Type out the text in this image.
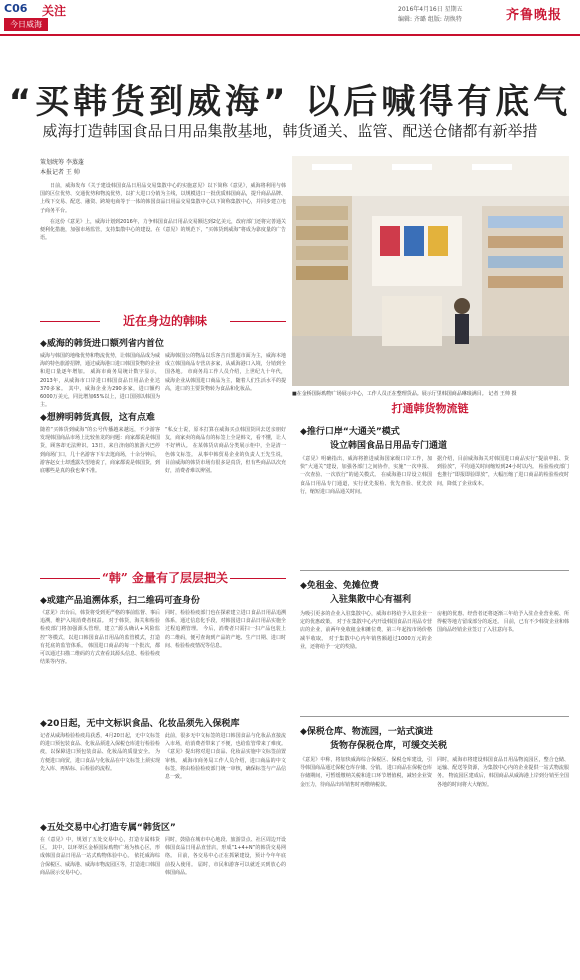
C06 关注
今日威海
2016年4月16日 星期五
编辑: 齐璐 组版: 胡焕特	齐鲁晚报
“买韩货到威海” 以后喊得有底气
威海打造韩国食品日用品集散基地，韩货通关、监管、配送仓储都有新举措
策划统筹 李蒸蓬
本报记者 王 帅

日前，威海发布《关于建设韩国食品日用品交易集散中心的实施意见》以下简称《意见》，威海将利用与韩国的区位优势、交通优势和物流优势，以扩大进口分销为主线，以规模进口一批优质韩国商品，提升商品品牌、上线下交易、配送、融资、跨境电商等于一体的韩国食品日用品交易集散中心以下简称集散中心，并同步建立电子商务平台。

在这份《意见》上，威海计划到2016年，力争韩国食品日用品交易额达到2亿美元，改府部门还将完善通关便利化措施，加强市场监管，支持集散中心的建设。在《意见》的规范下，“买韩货到威海”将成为靠度量的广告语。

■在金桥国际购物广场展示中心，工作人员正在整理货品。展示厅里韩国商品琳琅满目。 记者 王帅 摄
近在身边的韩味
◆威海的韩货进口额列省内首位
威海与韩国的地缘优势和物流优势，让韩国商品成为威海的特色旅游招牌，通过威海港口进口韩国货物的企业和进口量逐年增加。 威海市商务局统计数字显示，2013年，从威海市口岸进口韩国食品日用品企业达370多家。 其中，威海企业为290多家，进口额约6000万美元，同比增加65%以上，进口国别以韩国为主。
威海韩国公的物品以乐客吉百黑超市面为主，威海本地成立韩国商品专营店多家，从威海港口入境，分销到全国各地。 市商务局工作人员介绍，上世纪九十年代，威海企业从韩国进口商品为主，随着人们生活水平的提高，进口的主要货物转为食品和化妆品。
◆想辨明韩货真假，这有点难
随着“买韩货到威海”的公号传播越来越远，不少游客发现韩国商品市场上比较鱼龙的问题：商家都说是韩国货，顾客却无法辨识。13日，来自济南的旅游大巴停到商场门口，几十名游客下车去逛商场，十余分钟后，游客赵女士却透露失望地说了，商家都说是韩国货，到底哪些是真的我也拿不准。
“私女士说，原本打算在威海买点韩国货回去送亲朋好友，商家卖的商品有的标签上全是韩文，看不懂，让人不好辨认。 在某韩货店商品分类展示柜中，全是清一色韩文标签。 从事中韩贸易企业的负责人王先生说，目前威海的韩货市场有很多是真货，但有些商品以次充好，消费者难以辨别。
“韩” 金量有了层层把关
◆或建产品追溯体系，扫二维码可查身份
《意见》出台后，韩货将受到更严格的事前监督、事后追溯，维护入境消费者权益。 对于韩货，海关和检验检疫部门将加强源头管理，建立“源头确认+风险监控”等模式，以进口韩国食品日用品的监管模式，打造有托底的监管体系。 韩国进口商品的每一个批次，都可以通过扫描二维码的方式查看其源头信息、检验检疫结果等内容。
同时，检验检疫部门也在探索建立进口食品日用品追溯体系，通过信息化手段，对韩国进口食品日用品实施全过程追溯管理。 今后，消费者只需扫一扫产品包装上的二维码，便可查询到产品的产地、生产日期、进口时间、检验检疫情况等信息。
◆20日起，无中文标识食品、化妆品须先入保税库
记者从威海检验检疫局获悉，4月20日起，无中文标签的进口预包装食品、化妆品须进入保税仓库进行检验检疫，以保障进口预包装食品、化妆品的质量安全。 为方便进口商贸，进口食品与化妆品在中文标签上须实现先入库、再贴标、后检验的流程。
此前，很多无中文标签的进口韩国食品与化妆品直接流入市场，给消费者带来了不便，也给监管带来了难度。 《意见》提出将对进口食品、化妆品实施中文标签前置审核。 威海市商务局工作人员介绍，进口商品的中文标签，将由检验检疫部门统一审核，确保标签与产品信息一致。
◆五处交易中心打造专属“韩货区”
在《意见》中，规划了五处交易中心，打造专属韩货区。 其中，以环翠区金桥国际购物广场为核心区，形成韩国食品日用品一站式购物体验中心。 依托威海综合保税区、威海港、威海市物流园区等，打造进口韩国商品展示交易中心。
同时，鼓励在城市中心地段、旅游景点、社区周边开设韩国食品日用品直营店，形成“1+4+N”的韩货交易网络。 目前，各交易中心正在抓紧建设，预计今年年底前投入使用。 届时，市民和游客可以就近买到放心的韩国商品。
打通韩货物流链
◆推行口岸“大通关”模式
设立韩国食品日用品专门通道
《意见》明确指出，威海将推进威海国家级口岸工作，加快“大通关”建设，加强各部门之间协作，实施“一次申报、一次查验、一次放行”的通关模式。 在威海港口岸设立韩国食品日用品专门通道，实行优先报检、优先查验、优先放行，缩短进口商品通关时间。
据介绍，目前威海海关对韩国进口商品实行“提前申报、货到验放”，平均通关时间缩短到24小时以内。 检验检疫部门也推行“即报即验即放”，大幅压缩了进口商品的检验检疫时间，降低了企业成本。
◆免租金、免摊位费
入驻集散中心有福利
为吸引更多的企业入驻集散中心，威海市将给予入驻企业一定的优惠政策。 对于在集散中心内开设韩国食品日用品专营店的企业，前两年免收租金和摊位费，第三年起按市场价格减半收取。 对于集散中心内年销售额超过1000万元的企业，还将给予一定的奖励。
房租的优惠、经营者还将逐渐三年给予入驻企业营业税、所得税等地方留成部分的返还。 目前，已有不少韩资企业和韩国商品经销企业签订了入驻意向书。
◆保税仓库、物流园，一站式演进
货物存保税仓库，可缓交关税
《意见》中称，将加快威海综合保税区、保税仓库建设，引导韩国商品通过保税仓库存储、分销。 进口商品在保税仓库存储期间，可暂缓缴纳关税和进口环节增值税，减轻企业资金压力，待商品出库销售时再缴纳税款。
同时，威海市将建设韩国食品日用品物流园区，整合仓储、运输、配送等资源，为集散中心内的企业提供一站式物流服务。 物流园区建成后，韩国商品从威海港上岸到分销至全国各地的时间将大大缩短。
